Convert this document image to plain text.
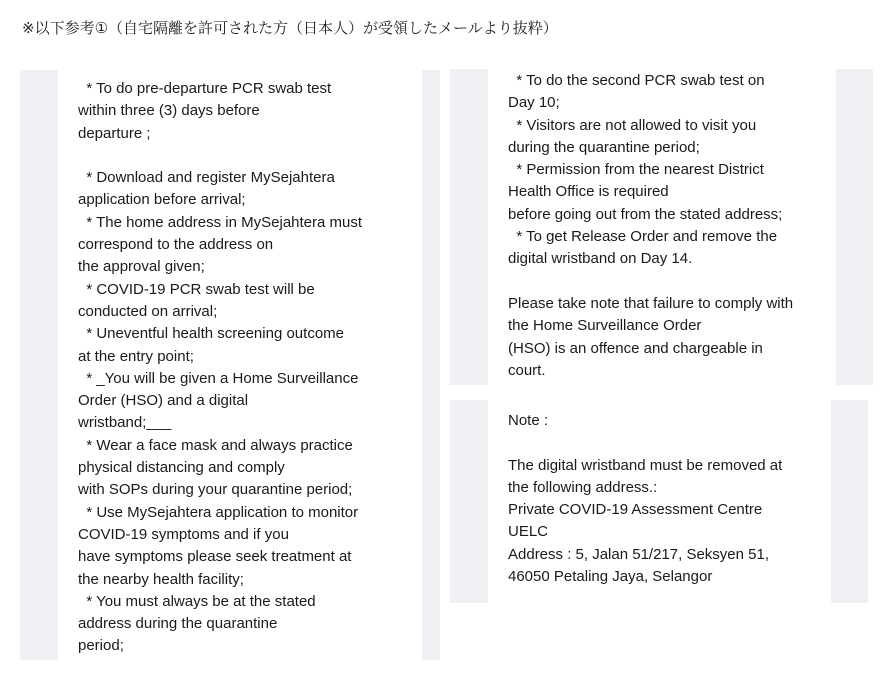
※以下参考①（自宅隔離を許可された方（日本人）が受領したメールより抜粋）
* To do pre-departure PCR swab test
within three (3) days before
departure ;
* Download and register MySejahtera
application before arrival;
* The home address in MySejahtera must
correspond to the address on
the approval given;
* COVID-19 PCR swab test will be
conducted on arrival;
* Uneventful health screening outcome
at the entry point;
* _You will be given a Home Surveillance
Order (HSO) and a digital
wristband;___
* Wear a face mask and always practice
physical distancing and comply
with SOPs during your quarantine period;
* Use MySejahtera application to monitor
COVID-19 symptoms and if you
have symptoms please seek treatment at
the nearby health facility;
* You must always be at the stated
address during the quarantine
period;
* To do the second PCR swab test on
Day 10;
* Visitors are not allowed to visit you
during the quarantine period;
* Permission from the nearest District
Health Office is required
before going out from the stated address;
* To get Release Order and remove the
digital wristband on Day 14.
Please take note that failure to comply with
the Home Surveillance Order
(HSO) is an offence and chargeable in
court.
Note :
The digital wristband must be removed at
the following address.:
Private COVID-19 Assessment Centre
UELC
Address : 5, Jalan 51/217, Seksyen 51,
46050 Petaling Jaya, Selangor
